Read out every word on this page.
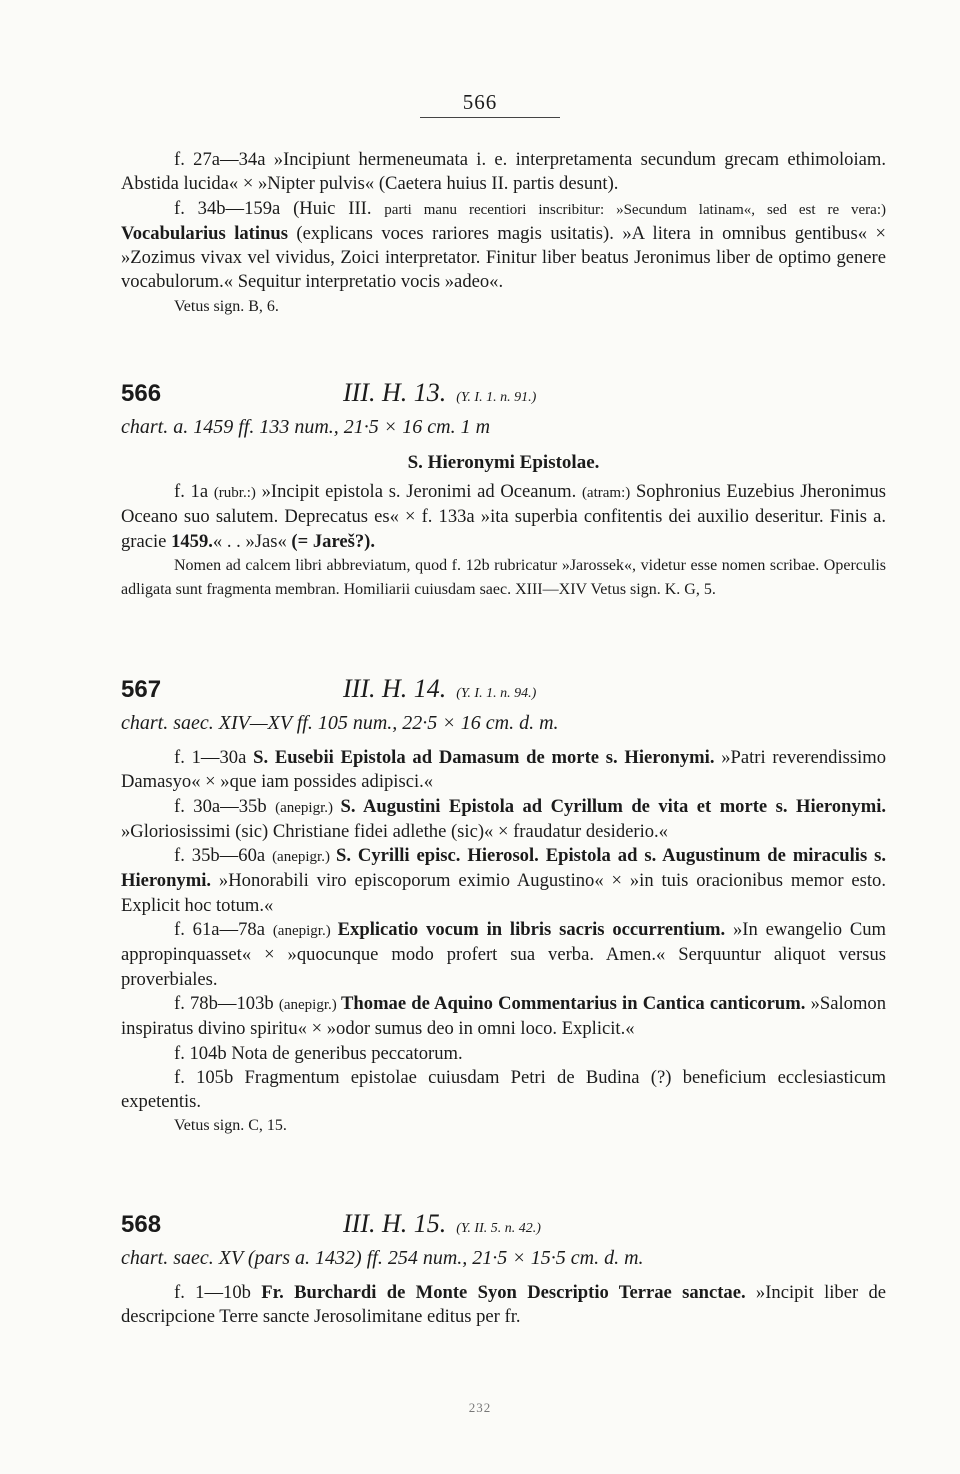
566

f. 27a—34a »Incipiunt hermeneumata i. e. interpretamenta secundum grecam ethimoloiam. Abstida lucida« × »Nipter pulvis« (Caetera huius II. partis desunt).

f. 34b—159a (Huic III. parti manu recentiori inscribitur: »Secundum latinam«, sed est re vera:) Vocabularius latinus (explicans voces rariores magis usitatis). »A litera in omnibus gentibus« × »Zozimus vivax vel vividus, Zoici interpretator. Finitur liber beatus Jeronimus liber de optimo genere vocabulorum.« Sequitur interpretatio vocis »adeo«.

Vetus sign. B, 6.

566	III. H. 13. (Y. I. 1. n. 91.)
chart. a. 1459 ff. 133 num., 21·5 × 16 cm. 1 m
S. Hieronymi Epistolae.

f. 1a (rubr.:) »Incipit epistola s. Jeronimi ad Oceanum. (atram:) Sophronius Euzebius Jheronimus Oceano suo salutem. Deprecatus es« × f. 133a »ita superbia confitentis dei auxilio deseritur. Finis a. gracie 1459.« . . »Jas« (= Jareš?).

Nomen ad calcem libri abbreviatum, quod f. 12b rubricatur »Jarossek«, videtur esse nomen scribae. Operculis adligata sunt fragmenta membran. Homiliarii cuiusdam saec. XIII—XIV Vetus sign. K. G, 5.

567	III. H. 14. (Y. I. 1. n. 94.)
chart. saec. XIV—XV ff. 105 num., 22·5 × 16 cm. d. m.

f. 1—30a S. Eusebii Epistola ad Damasum de morte s. Hieronymi. »Patri reverendissimo Damasyo« × »que iam possides adipisci.«

f. 30a—35b (anepigr.) S. Augustini Epistola ad Cyrillum de vita et morte s. Hieronymi. »Gloriosissimi (sic) Christiane fidei adlethe (sic)« × fraudatur desiderio.«

f. 35b—60a (anepigr.) S. Cyrilli episc. Hierosol. Epistola ad s. Augustinum de miraculis s. Hieronymi. »Honorabili viro episcoporum eximio Augustino« × »in tuis oracionibus memor esto. Explicit hoc totum.«

f. 61a—78a (anepigr.) Explicatio vocum in libris sacris occurrentium. »In ewangelio Cum appropinquasset« × »quocunque modo profert sua verba. Amen.« Serquuntur aliquot versus proverbiales.

f. 78b—103b (anepigr.) Thomae de Aquino Commentarius in Cantica canticorum. »Salomon inspiratus divino spiritu« × »odor sumus deo in omni loco. Explicit.«

f. 104b Nota de generibus peccatorum.

f. 105b Fragmentum epistolae cuiusdam Petri de Budina (?) beneficium ecclesiasticum expetentis.

Vetus sign. C, 15.

568	III. H. 15. (Y. II. 5. n. 42.)
chart. saec. XV (pars a. 1432) ff. 254 num., 21·5 × 15·5 cm. d. m.

f. 1—10b Fr. Burchardi de Monte Syon Descriptio Terrae sanctae. »Incipit liber de descripcione Terre sancte Jerosolimitane editus per fr.

232
